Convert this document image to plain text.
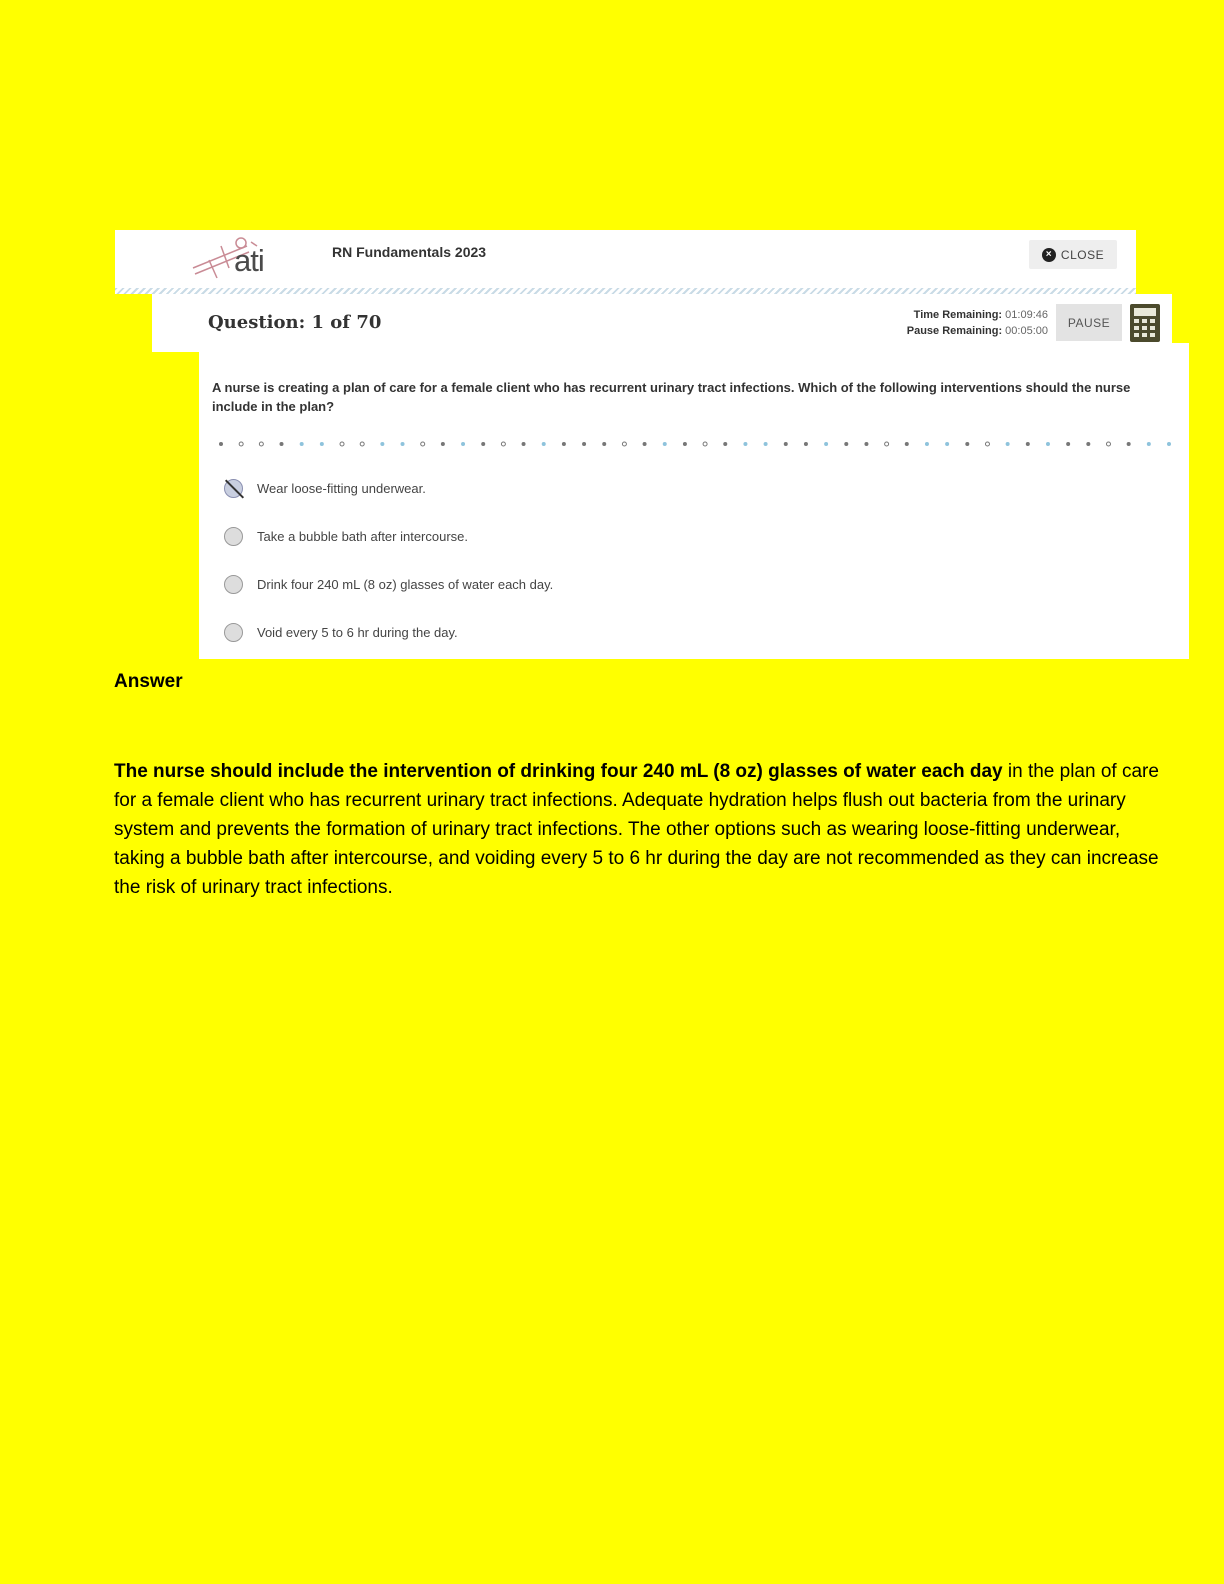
ati	RN Fundamentals 2023	× CLOSE
Question: 1 of 70	Time Remaining: 01:09:46
Pause Remaining: 00:05:00
PAUSE
A nurse is creating a plan of care for a female client who has recurrent urinary tract infections. Which of the following interventions should the nurse include in the plan?
Wear loose-fitting underwear.
Take a bubble bath after intercourse.
Drink four 240 mL (8 oz) glasses of water each day.
Void every 5 to 6 hr during the day.
Answer
The nurse should include the intervention of drinking four 240 mL (8 oz) glasses of water each day in the plan of care for a female client who has recurrent urinary tract infections. Adequate hydration helps flush out bacteria from the urinary system and prevents the formation of urinary tract infections. The other options such as wearing loose-fitting underwear, taking a bubble bath after intercourse, and voiding every 5 to 6 hr during the day are not recommended as they can increase the risk of urinary tract infections.
